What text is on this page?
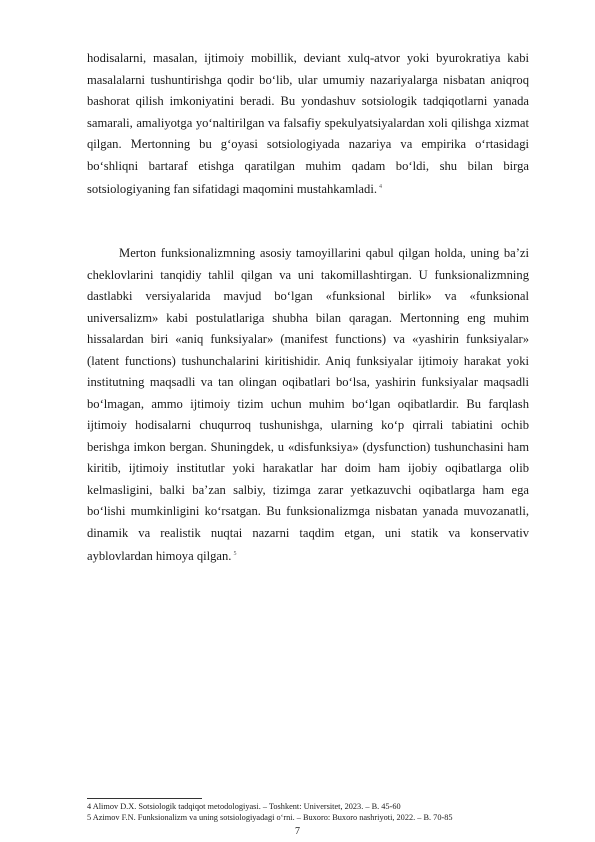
hodisalarni, masalan, ijtimoiy mobillik, deviant xulq-atvor yoki byurokratiya kabi masalalarni tushuntirishga qodir bo‘lib, ular umumiy nazariyalarga nisbatan aniqroq bashorat qilish imkoniyatini beradi. Bu yondashuv sotsiologik tadqiqotlarni yanada samarali, amaliyotga yo‘naltirilgan va falsafiy spekulyatsiyalardan xoli qilishga xizmat qilgan. Mertonning bu g‘oyasi sotsiologiyada nazariya va empirika o‘rtasidagi bo‘shliqni bartaraf etishga qaratilgan muhim qadam bo‘ldi, shu bilan birga sotsiologiyaning fan sifatidagi maqomini mustahkamladi. $^4$

Merton funksionalizmning asosiy tamoyillarini qabul qilgan holda, uning ba’zi cheklovlarini tanqidiy tahlil qilgan va uni takomillashtirgan. U funksionalizmning dastlabki versiyalarida mavjud bo‘lgan «funksional birlik» va «funksional universalizm» kabi postulatlariga shubha bilan qaragan. Mertonning eng muhim hissalardan biri «aniq funksiyalar» (manifest functions) va «yashirin funksiyalar» (latent functions) tushunchalarini kiritishidir. Aniq funksiyalar ijtimoiy harakat yoki institutning maqsadli va tan olingan oqibatlari bo‘lsa, yashirin funksiyalar maqsadli bo‘lmagan, ammo ijtimoiy tizim uchun muhim bo‘lgan oqibatlardir. Bu farqlash ijtimoiy hodisalarni chuqurroq tushunishga, ularning ko‘p qirrali tabiatini ochib berishga imkon bergan. Shuningdek, u «disfunksiya» (dysfunction) tushunchasini ham kiritib, ijtimoiy institutlar yoki harakatlar har doim ham ijobiy oqibatlarga olib kelmasligini, balki ba’zan salbiy, tizimga zarar yetkazuvchi oqibatlarga ham ega bo‘lishi mumkinligini ko‘rsatgan. Bu funksionalizmga nisbatan yanada muvozanatli, dinamik va realistik nuqtai nazarni taqdim etgan, uni statik va konservativ ayblovlardan himoya qilgan. $^5$

4 Alimov D.X. Sotsiologik tadqiqot metodologiyasi. – Toshkent: Universitet, 2023. – B. 45-60

5 Azimov F.N. Funksionalizm va uning sotsiologiyadagi o‘rni. – Buxoro: Buxoro nashriyoti, 2022. – B. 70-85

7
